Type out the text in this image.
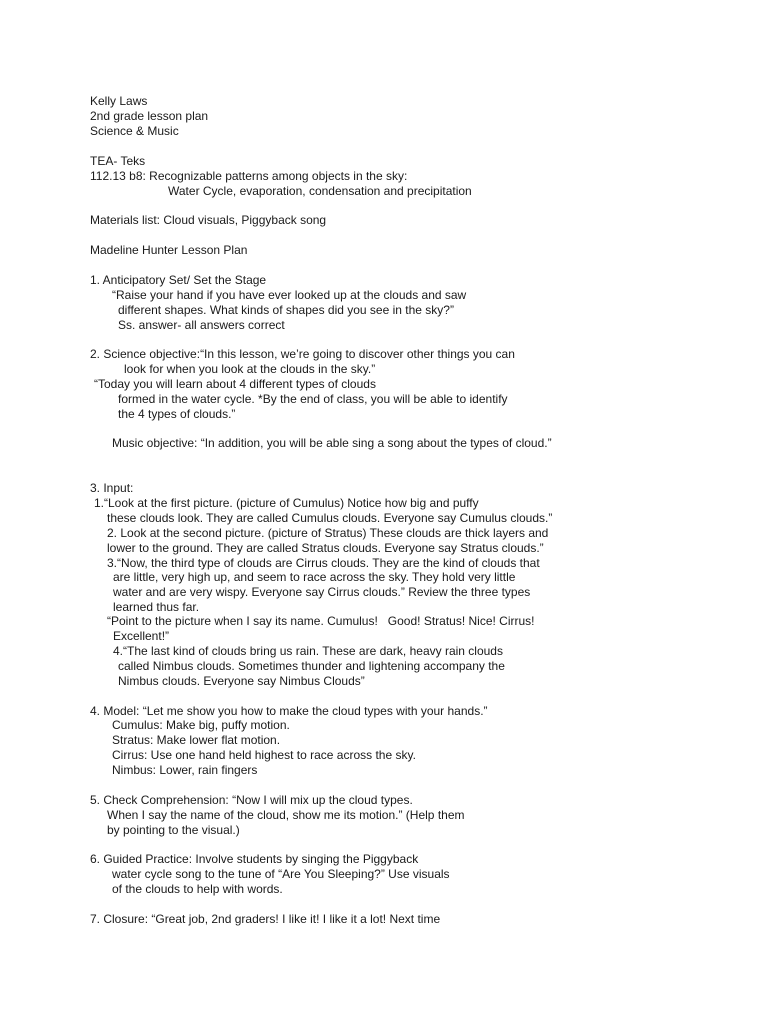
Kelly Laws
2nd grade lesson plan
Science & Music
TEA- Teks
112.13 b8: Recognizable patterns among objects in the sky:
Water Cycle, evaporation, condensation and precipitation
Materials list: Cloud visuals, Piggyback song
Madeline Hunter Lesson Plan
1. Anticipatory Set/ Set the Stage
“Raise your hand if you have ever looked up at the clouds and saw
different shapes. What kinds of shapes did you see in the sky?”
Ss. answer- all answers correct
2. Science objective:“In this lesson, we’re going to discover other things you can
look for when you look at the clouds in the sky.”
“Today you will learn about 4 different types of clouds
formed in the water cycle. *By the end of class, you will be able to identify
the 4 types of clouds.”
Music objective: “In addition, you will be able sing a song about the types of cloud.”
3. Input:
1.“Look at the first picture. (picture of Cumulus) Notice how big and puffy
these clouds look. They are called Cumulus clouds. Everyone say Cumulus clouds.”
2. Look at the second picture. (picture of Stratus) These clouds are thick layers and
lower to the ground. They are called Stratus clouds. Everyone say Stratus clouds.”
3.“Now, the third type of clouds are Cirrus clouds. They are the kind of clouds that
are little, very high up, and seem to race across the sky. They hold very little
water and are very wispy. Everyone say Cirrus clouds.” Review the three types
learned thus far.
“Point to the picture when I say its name. Cumulus!   Good! Stratus! Nice! Cirrus!
Excellent!”
4.“The last kind of clouds bring us rain. These are dark, heavy rain clouds
called Nimbus clouds. Sometimes thunder and lightening accompany the
Nimbus clouds. Everyone say Nimbus Clouds”
4. Model: “Let me show you how to make the cloud types with your hands.”
Cumulus: Make big, puffy motion.
Stratus: Make lower flat motion.
Cirrus: Use one hand held highest to race across the sky.
Nimbus: Lower, rain fingers
5. Check Comprehension: “Now I will mix up the cloud types.
When I say the name of the cloud, show me its motion.” (Help them
by pointing to the visual.)
6. Guided Practice: Involve students by singing the Piggyback
water cycle song to the tune of “Are You Sleeping?” Use visuals
of the clouds to help with words.
7. Closure: “Great job, 2nd graders! I like it! I like it a lot! Next time
